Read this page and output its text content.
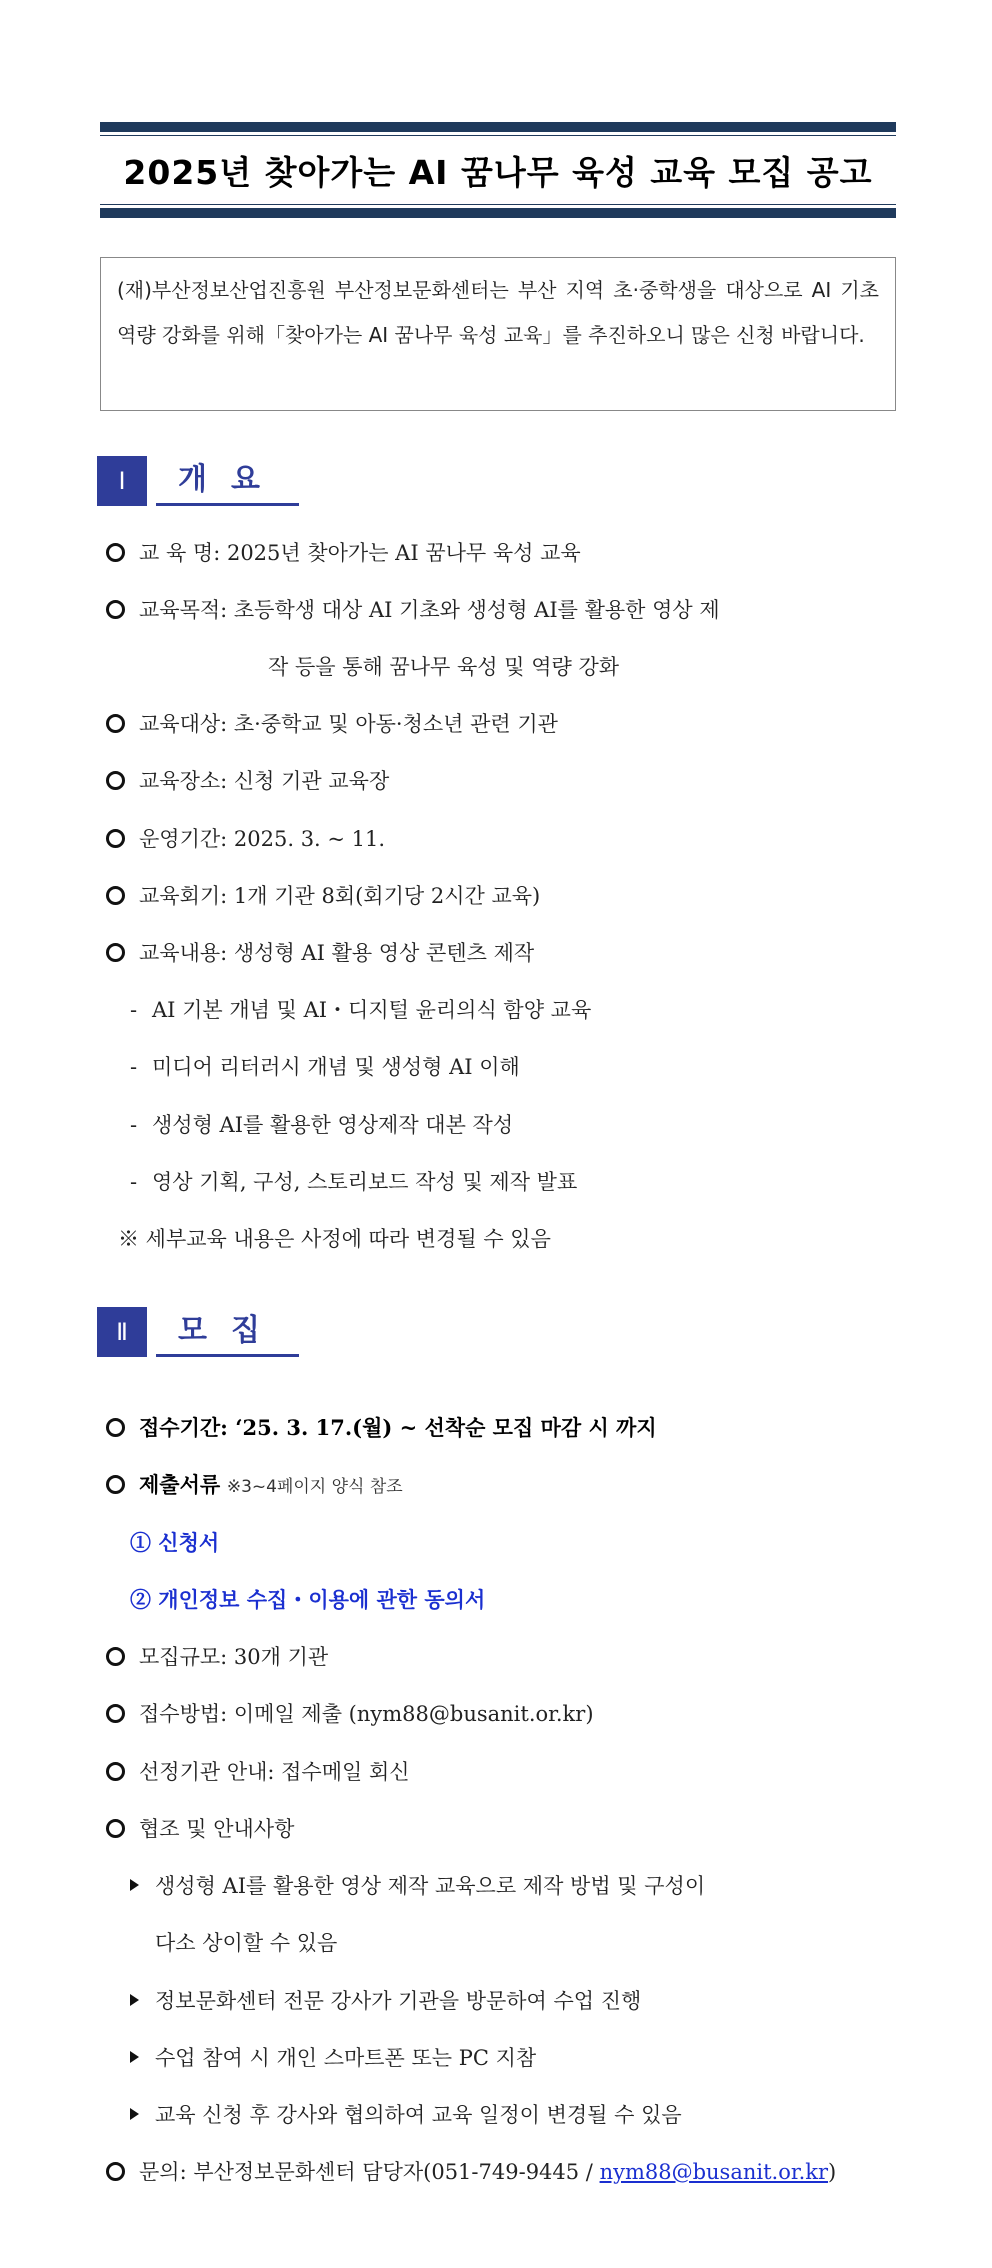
2025년 찾아가는 AI 꿈나무 육성 교육 모집 공고
(재)부산정보산업진흥원 부산정보문화센터는 부산 지역 초·중학생을 대상으로 AI 기초 역량 강화를 위해「찾아가는 AI 꿈나무 육성 교육」를 추진하오니 많은 신청 바랍니다.
Ⅰ	개요
교 육 명: 2025년 찾아가는 AI 꿈나무 육성 교육
교육목적: 초등학생 대상 AI 기초와 생성형 AI를 활용한 영상 제
작 등을 통해 꿈나무 육성 및 역량 강화
교육대상: 초·중학교 및 아동·청소년 관련 기관
교육장소: 신청 기관 교육장
운영기간: 2025. 3. ~ 11.
교육회기: 1개 기관 8회(회기당 2시간 교육)
교육내용: 생성형 AI 활용 영상 콘텐츠 제작
- AI 기본 개념 및 AI・디지털 윤리의식 함양 교육
- 미디어 리터러시 개념 및 생성형 AI 이해
- 생성형 AI를 활용한 영상제작 대본 작성
- 영상 기획, 구성, 스토리보드 작성 및 제작 발표
※ 세부교육 내용은 사정에 따라 변경될 수 있음
Ⅱ	모집
접수기간: ‘25. 3. 17.(월) ~ 선착순 모집 마감 시 까지
제출서류 ※3~4페이지 양식 참조
① 신청서
② 개인정보 수집・이용에 관한 동의서
모집규모: 30개 기관
접수방법: 이메일 제출 (nym88@busanit.or.kr)
선정기관 안내: 접수메일 회신
협조 및 안내사항
생성형 AI를 활용한 영상 제작 교육으로 제작 방법 및 구성이
다소 상이할 수 있음
정보문화센터 전문 강사가 기관을 방문하여 수업 진행
수업 참여 시 개인 스마트폰 또는 PC 지참
교육 신청 후 강사와 협의하여 교육 일정이 변경될 수 있음
문의: 부산정보문화센터 담당자(051-749-9445 / nym88@busanit.or.kr)
